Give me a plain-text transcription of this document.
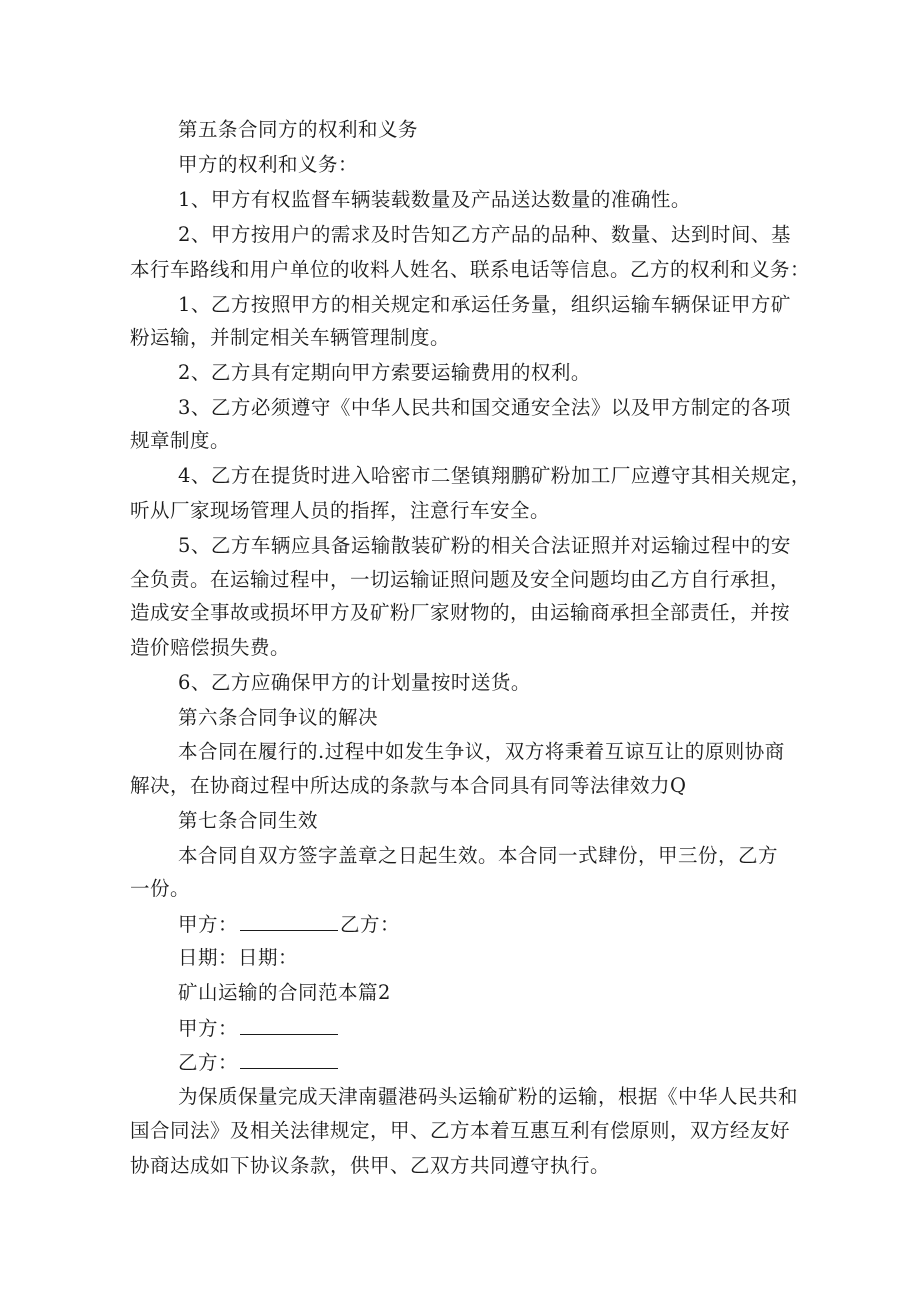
第五条合同方的权利和义务
甲方的权利和义务：
1、甲方有权监督车辆装载数量及产品送达数量的准确性。
2、甲方按用户的需求及时告知乙方产品的品种、数量、达到时间、基
本行车路线和用户单位的收料人姓名、联系电话等信息。乙方的权利和义务：
1、乙方按照甲方的相关规定和承运任务量，组织运输车辆保证甲方矿
粉运输，并制定相关车辆管理制度。
2、乙方具有定期向甲方索要运输费用的权利。
3、乙方必须遵守《中华人民共和国交通安全法》以及甲方制定的各项
规章制度。
4、乙方在提货时进入哈密市二堡镇翔鹏矿粉加工厂应遵守其相关规定，
听从厂家现场管理人员的指挥，注意行车安全。
5、乙方车辆应具备运输散装矿粉的相关合法证照并对运输过程中的安
全负责。在运输过程中，一切运输证照问题及安全问题均由乙方自行承担，
造成安全事故或损坏甲方及矿粉厂家财物的，由运输商承担全部责任，并按
造价赔偿损失费。
6、乙方应确保甲方的计划量按时送货。
第六条合同争议的解决
本合同在履行的.过程中如发生争议，双方将秉着互谅互让的原则协商
解决，在协商过程中所达成的条款与本合同具有同等法律效力Q
第七条合同生效
本合同自双方签字盖章之日起生效。本合同一式肆份，甲三份，乙方
一份。
甲方：	乙方：
日期：日期：
矿山运输的合同范本篇2
甲方：
乙方：
为保质保量完成天津南疆港码头运输矿粉的运输，根据《中华人民共和
国合同法》及相关法律规定，甲、乙方本着互惠互利有偿原则，双方经友好
协商达成如下协议条款，供甲、乙双方共同遵守执行。
